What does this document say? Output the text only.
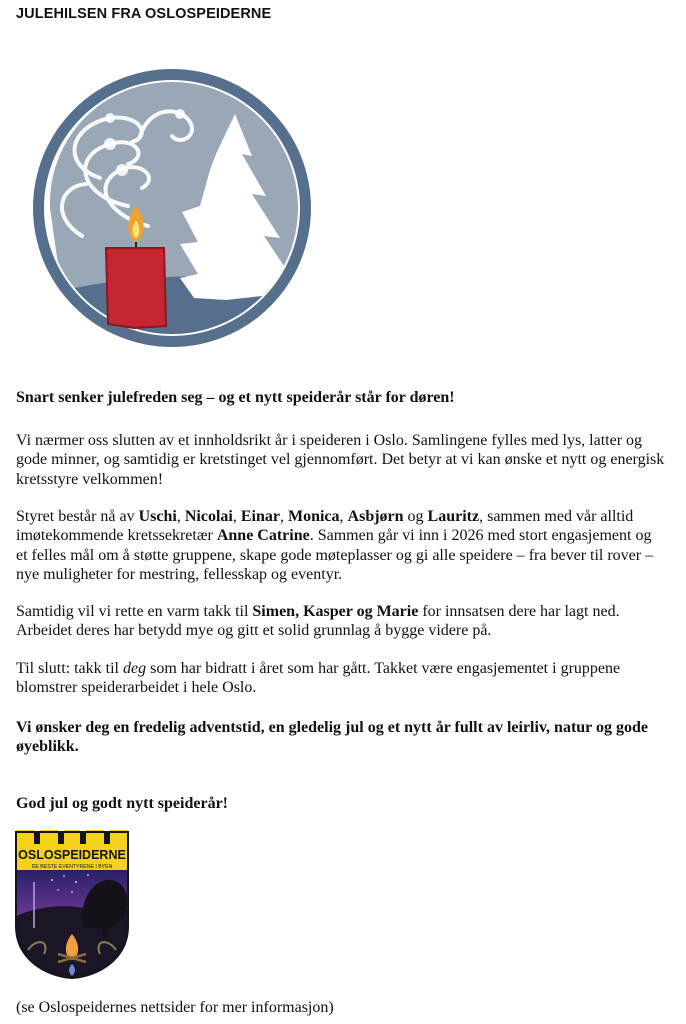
JULEHILSEN FRA OSLOSPEIDERNE

Snart senker julefreden seg – og et nytt speiderår står for døren!

Vi nærmer oss slutten av et innholdsrikt år i speideren i Oslo. Samlingene fylles med lys, latter og gode minner, og samtidig er kretstinget vel gjennomført. Det betyr at vi kan ønske et nytt og energisk kretsstyre velkommen!

Styret består nå av Uschi, Nicolai, Einar, Monica, Asbjørn og Lauritz, sammen med vår alltid imøtekommende kretssekretær Anne Catrine. Sammen går vi inn i 2026 med stort engasjement og et felles mål om å støtte gruppene, skape gode møteplasser og gi alle speidere – fra bever til rover – nye muligheter for mestring, fellesskap og eventyr.

Samtidig vil vi rette en varm takk til Simen, Kasper og Marie for innsatsen dere har lagt ned. Arbeidet deres har betydd mye og gitt et solid grunnlag å bygge videre på.

Til slutt: takk til deg som har bidratt i året som har gått. Takket være engasjementet i gruppene blomstrer speiderarbeidet i hele Oslo.

Vi ønsker deg en fredelig adventstid, en gledelig jul og et nytt år fullt av leirliv, natur og gode øyeblikk.

God jul og godt nytt speiderår!

OSLOSPEIDERNE
DE BESTE EVENTYRENE I BYEN

(se Oslospeidernes nettsider for mer informasjon)
